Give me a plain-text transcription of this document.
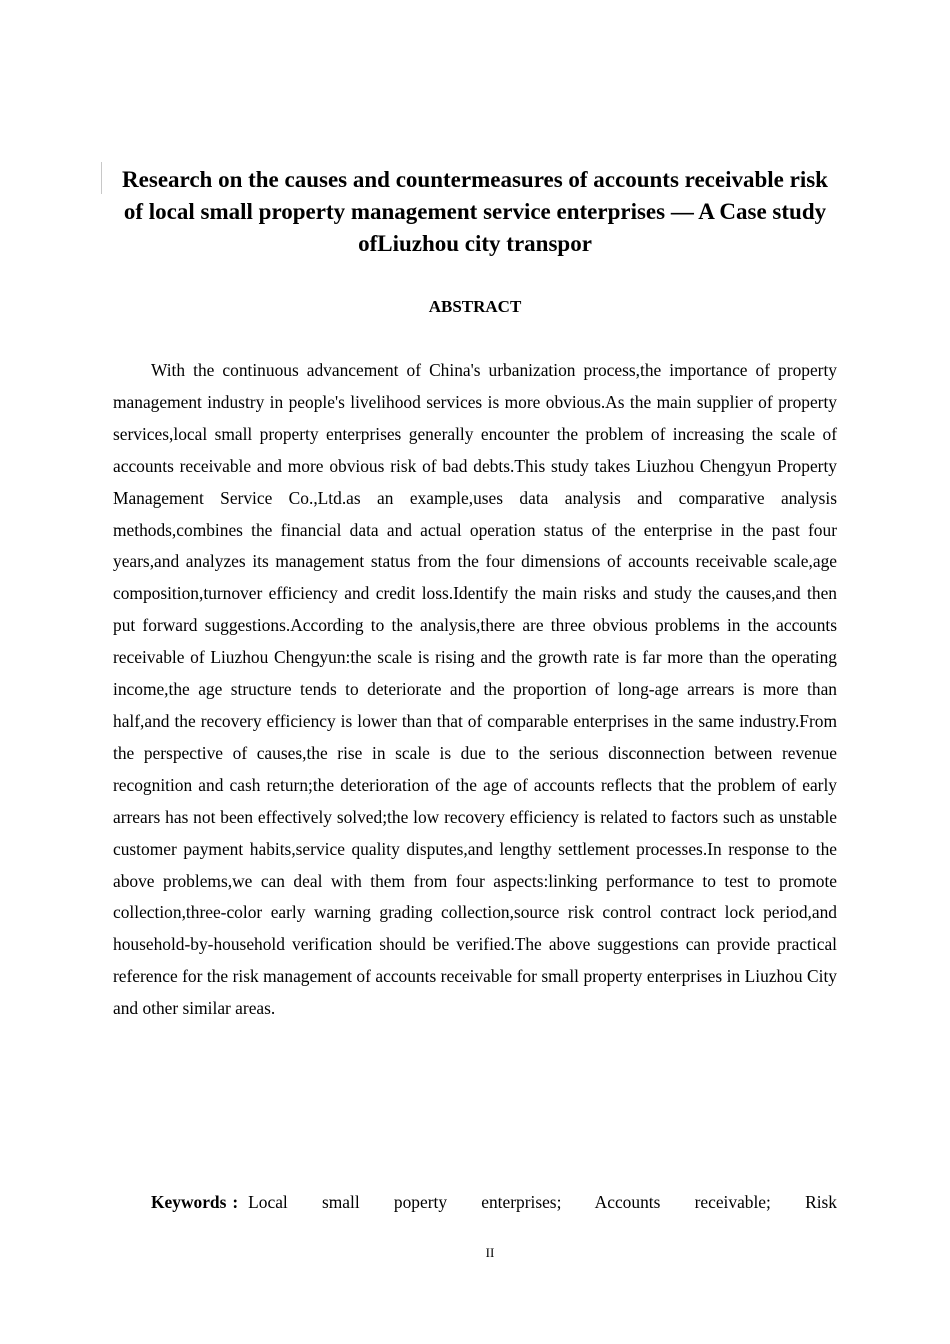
Research on the causes and countermeasures of accounts receivable risk of local small property management service enterprises — A Case study ofLiuzhou city transpor
ABSTRACT

With the continuous advancement of China's urbanization process,the importance of property management industry in people's livelihood services is more obvious.As the main supplier of property services,local small property enterprises generally encounter the problem of increasing the scale of accounts receivable and more obvious risk of bad debts.This study takes Liuzhou Chengyun Property Management Service Co.,Ltd.as an example,uses data analysis and comparative analysis methods,combines the financial data and actual operation status of the enterprise in the past four years,and analyzes its management status from the four dimensions of accounts receivable scale,age composition,turnover efficiency and credit loss.Identify the main risks and study the causes,and then put forward suggestions.According to the analysis,there are three obvious problems in the accounts receivable of Liuzhou Chengyun:the scale is rising and the growth rate is far more than the operating income,the age structure tends to deteriorate and the proportion of long-age arrears is more than half,and the recovery efficiency is lower than that of comparable enterprises in the same industry.From the perspective of causes,the rise in scale is due to the serious disconnection between revenue recognition and cash return;the deterioration of the age of accounts reflects that the problem of early arrears has not been effectively solved;the low recovery efficiency is related to factors such as unstable customer payment habits,service quality disputes,and lengthy settlement processes.In response to the above problems,we can deal with them from four aspects:linking performance to test to promote collection,three-color early warning grading collection,source risk control contract lock period,and household-by-household verification should be verified.The above suggestions can provide practical reference for the risk management of accounts receivable for small property enterprises in Liuzhou City and other similar areas.

Keywords : Local small poperty enterprises; Accounts receivable; Risk

II
